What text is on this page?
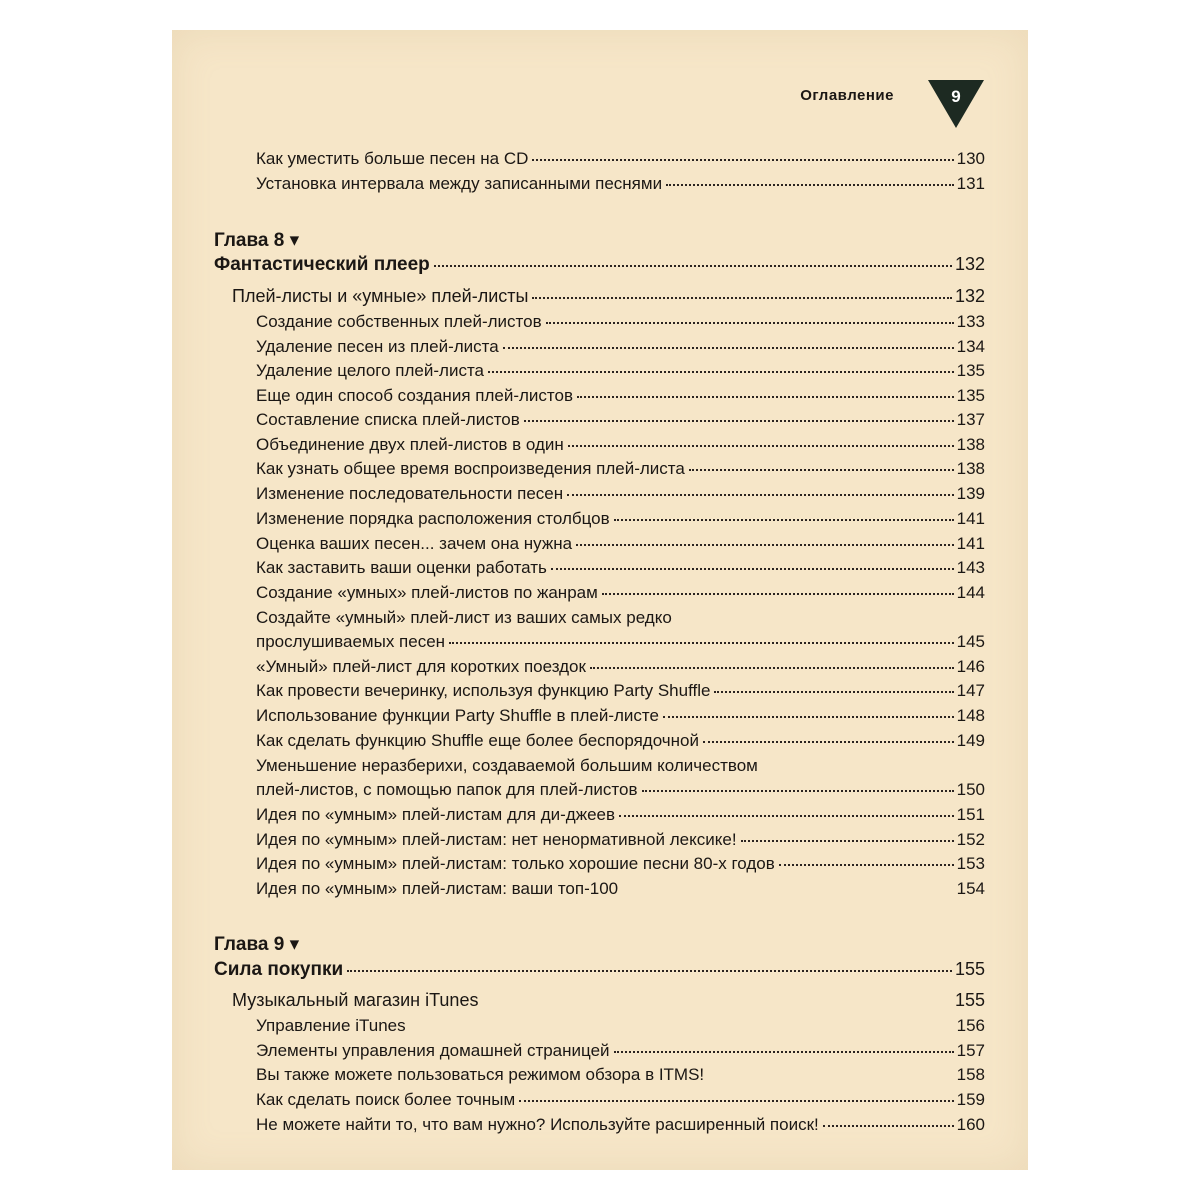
Оглавление	9
Как уместить больше песен на CD	130
Установка интервала между записанными песнями	131
Глава 8 ▾
Фантастический плеер	132
Плей-листы и «умные» плей-листы	132
Создание собственных плей-листов	133
Удаление песен из плей-листа	134
Удаление целого плей-листа	135
Еще один способ создания плей-листов	135
Составление списка плей-листов	137
Объединение двух плей-листов в один	138
Как узнать общее время воспроизведения плей-листа	138
Изменение последовательности песен	139
Изменение порядка расположения столбцов	141
Оценка ваших песен... зачем она нужна	141
Как заставить ваши оценки работать	143
Создание «умных» плей-листов по жанрам	144
Создайте «умный» плей-лист из ваших самых редко
прослушиваемых песен	145
«Умный» плей-лист для коротких поездок	146
Как провести вечеринку, используя функцию Party Shuffle	147
Использование функции Party Shuffle в плей-листе	148
Как сделать функцию Shuffle еще более беспорядочной	149
Уменьшение неразберихи, создаваемой большим количеством
плей-листов, с помощью папок для плей-листов	150
Идея по «умным» плей-листам для ди-джеев	151
Идея по «умным» плей-листам: нет ненормативной лексике!	152
Идея по «умным» плей-листам: только хорошие песни 80-х годов	153
Идея по «умным» плей-листам: ваши топ-100	154
Глава 9 ▾
Сила покупки	155
Музыкальный магазин iTunes	155
Управление iTunes	156
Элементы управления домашней страницей	157
Вы также можете пользоваться режимом обзора в ITMS!	158
Как сделать поиск более точным	159
Не можете найти то, что вам нужно? Используйте расширенный поиск!	160
